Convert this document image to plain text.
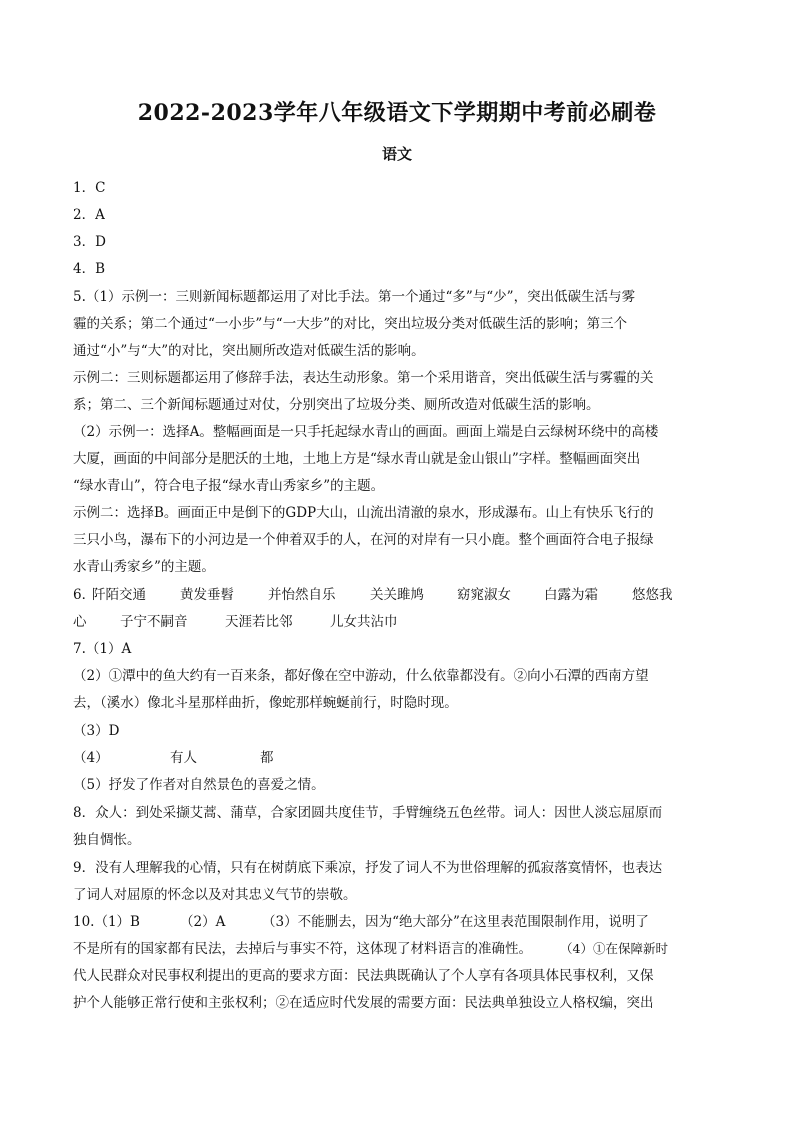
2022-2023学年八年级语文下学期期中考前必刷卷
语文
1．C
2．A
3．D
4．B
5.（1）示例一：三则新闻标题都运用了对比手法。第一个通过“多”与“少”，突出低碳生活与雾
霾的关系；第二个通过“一小步”与“一大步”的对比，突出垃圾分类对低碳生活的影响；第三个
通过“小”与“大”的对比，突出厕所改造对低碳生活的影响。
示例二：三则标题都运用了修辞手法，表达生动形象。第一个采用谐音，突出低碳生活与雾霾的关
系；第二、三个新闻标题通过对仗，分别突出了垃圾分类、厕所改造对低碳生活的影响。
（2）示例一：选择A。整幅画面是一只手托起绿水青山的画面。画面上端是白云绿树环绕中的高楼
大厦，画面的中间部分是肥沃的土地，土地上方是“绿水青山就是金山银山”字样。整幅画面突出
“绿水青山”，符合电子报“绿水青山秀家乡”的主题。
示例二：选择B。画面正中是倒下的GDP大山，山流出清澈的泉水，形成瀑布。山上有快乐飞行的
三只小鸟，瀑布下的小河边是一个伸着双手的人，在河的对岸有一只小鹿。整个画面符合电子报绿
水青山秀家乡”的主题。
6．
阡陌交通	黄发垂髫	并怡然自乐	关关雎鸠 窈窕淑女 白露为霜	悠悠我
心 子宁不嗣音	天涯若比邻	儿女共沾巾
7.（1）A
（2）①潭中的鱼大约有一百来条，都好像在空中游动，什么依靠都没有。②向小石潭的西南方望
去，（溪水）像北斗星那样曲折，像蛇那样蜿蜒前行，时隐时现。
（3）D
（4）	有人	都
（5）抒发了作者对自然景色的喜爱之情。
8．众人：到处采撷艾蒿、蒲草，合家团圆共度佳节，手臂缠绕五色丝带。词人：因世人淡忘屈原而
独自惆怅。
9．没有人理解我的心情，只有在树荫底下乘凉，抒发了词人不为世俗理解的孤寂落寞情怀，也表达
了词人对屈原的怀念以及对其忠义气节的崇敬。
10.（1）B	（2）A	（3）不能删去，因为“绝大部分”在这里表范围限制作用，说明了
不是所有的国家都有民法，去掉后与事实不符，这体现了材料语言的准确性。 （4）①在保障新时
代人民群众对民事权利提出的更高的要求方面：民法典既确认了个人享有各项具体民事权利，又保
护个人能够正常行使和主张权利；②在适应时代发展的需要方面：民法典单独设立人格权编，突出
